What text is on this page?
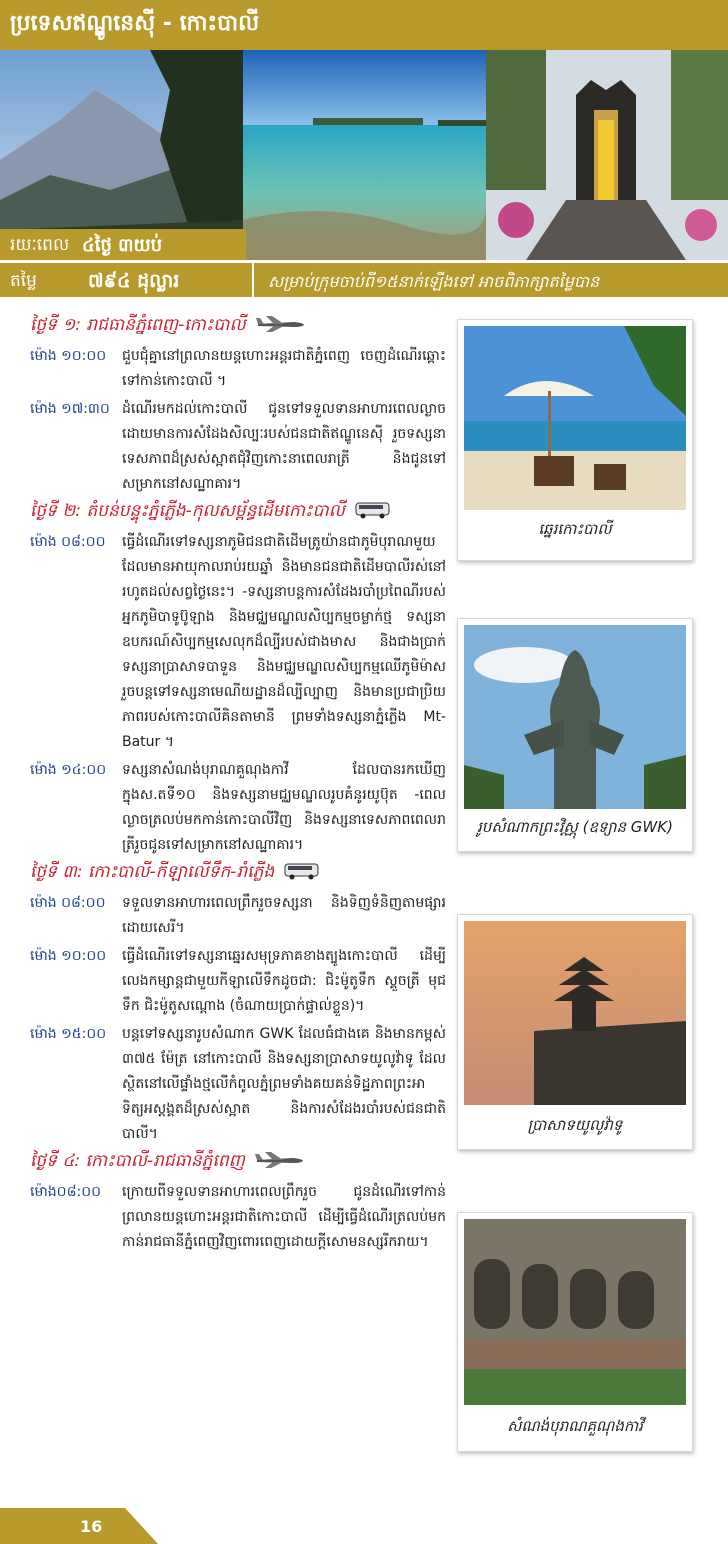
ប្រទេសឥណ្ឌូនេស៊ី - កោះបាលី
រយៈពេល ៤ថ្ងៃ ៣យប់
តម្លៃ	៧៩៤ ដុល្លារ	សម្រាប់ក្រុមចាប់ពី១៥នាក់ឡើងទៅ អាចពិភាក្សាតម្លៃបាន
ថ្ងៃទី ១: រាជធានីភ្នំពេញ-កោះបាលី
ម៉ោង ១០:០០	ជួបជុំគ្នានៅព្រលានយន្តហោះអន្តរជាតិភ្នំពេញ ចេញដំណើរឆ្ពោះទៅកាន់កោះបាលី ។
ម៉ោង ១៧:៣០ ដំណើរមកដល់កោះបាលី ជូនទៅទទួលទានអាហារពេលល្ងាចដោយមានការសំដែងសិល្បៈរបស់ជនជាតិឥណ្ឌូនេស៊ី រួចទស្សនាទេសភាពដ៏ស្រស់ស្អាតជុំវិញកោះនាពេលរាត្រី និងជូនទៅសម្រាកនៅសណ្ឋាគារ។
ថ្ងៃទី ២: តំបន់បន្ទុះភ្នំភ្លើង-កុលសម្ព័ន្ធដើមកោះបាលី
ម៉ោង ០៨:០០	ធ្វើដំណើរទៅទស្សនាភូមិជនជាតិដើមត្រូយ៉ានជាភូមិបុរាណមួយដែលមានអាយុកាលរាប់រយឆ្នាំ និងមានជនជាតិដើមបាលីរស់នៅរហូតដល់សព្វថ្ងៃនេះ។ -ទស្សនាបន្តការសំដែងរបាំប្រពៃណីរបស់អ្នកភូមិបាទូប៊ូឡាង និងមជ្ឈមណ្ឌលសិប្បកម្មចម្លាក់ថ្ម ទស្សនាឧបករណ៍សិប្បកម្មសេលុកដ៏ល្បីរបស់ជាងមាស និងជាងប្រាក់ ទស្សនាប្រាសាទបាទួន និងមជ្ឈមណ្ឌលសិប្បកម្មឈើភូមិម៉ាស រួចបន្តទៅទស្សនាមេណីយដ្ឋានដ៏ល្បីល្បាញ និងមានប្រជាប្រិយភាពរបស់កោះបាលីគិនតាមានី ព្រមទាំងទស្សនាភ្នំភ្លើង Mt-Batur ។
ម៉ោង ១៤:០០	ទស្សនាសំណង់បុរាណគួណុងកាវី ដែលបានរកឃើញក្នុងស.តទី១០ និងទស្សនាមជ្ឈមណ្ឌលរូបគំនូរយូប៊ុត -ពេលល្ងាចត្រលប់មកកាន់កោះបាលីវិញ និងទស្សនាទេសភាពពេលរាត្រីរួចជូនទៅសម្រាកនៅសណ្ឋាគារ។
ថ្ងៃទី ៣: កោះបាលី-កីឡាលើទឹក-រាំភ្លើង
ម៉ោង ០៨:០០	ទទួលទានអាហារពេលព្រឹករួចទស្សនា និងទិញទំនិញតាមផ្សារដោយសេរី។
ម៉ោង ១០:០០	ធ្វើដំណើរទៅទស្សនាឆ្នេរសមុទ្រភាគខាងត្បូងកោះបាលី ដើម្បីលេងកម្សាន្តជាមួយកីឡាលើទឹកដូចជា: ជិះម៉ូតូទឹក ស្គួចត្រី មុជទឹក ជិះម៉ូតូសណ្តោង (ចំណាយប្រាក់ផ្ទាល់ខ្លួន)។
ម៉ោង ១៥:០០	បន្តទៅទស្សនារូបសំណាក GWK ដែលធំជាងគេ និងមានកម្ពស់ ៣៧៥ ម៉ែត្រ នៅកោះបាលី និងទស្សនាប្រាសាទយូលូវ៉ាទូ ដែលស្ថិតនៅលើផ្ទាំងថ្មលើកំពូលភ្នំព្រមទាំងគយគន់ទិដ្ឋភាពព្រះអាទិត្យអស្តង្គតដ៏ស្រស់ស្អាត និងការសំដែងរបាំរបស់ជនជាតិបាលី។
ថ្ងៃទី ៤: កោះបាលី-រាជធានីភ្នំពេញ
ម៉ោង០៨:០០	ក្រោយពីទទួលទានអាហារពេលព្រឹករួច ជូនដំណើរទៅកាន់ព្រលានយន្តហោះអន្តរជាតិកោះបាលី ដើម្បីធ្វើដំណើរត្រលប់មកកាន់រាជធានីភ្នំពេញវិញពោរពេញដោយក្តីសោមនស្សរីករាយ។
ឆ្នេរកោះបាលី
រូបសំណាកព្រះវិស្ណុ (ឧទ្យាន GWK)
ប្រាសាទយូលូវ៉ាទូ
សំណង់បុរាណគួណុងកាវី
16
